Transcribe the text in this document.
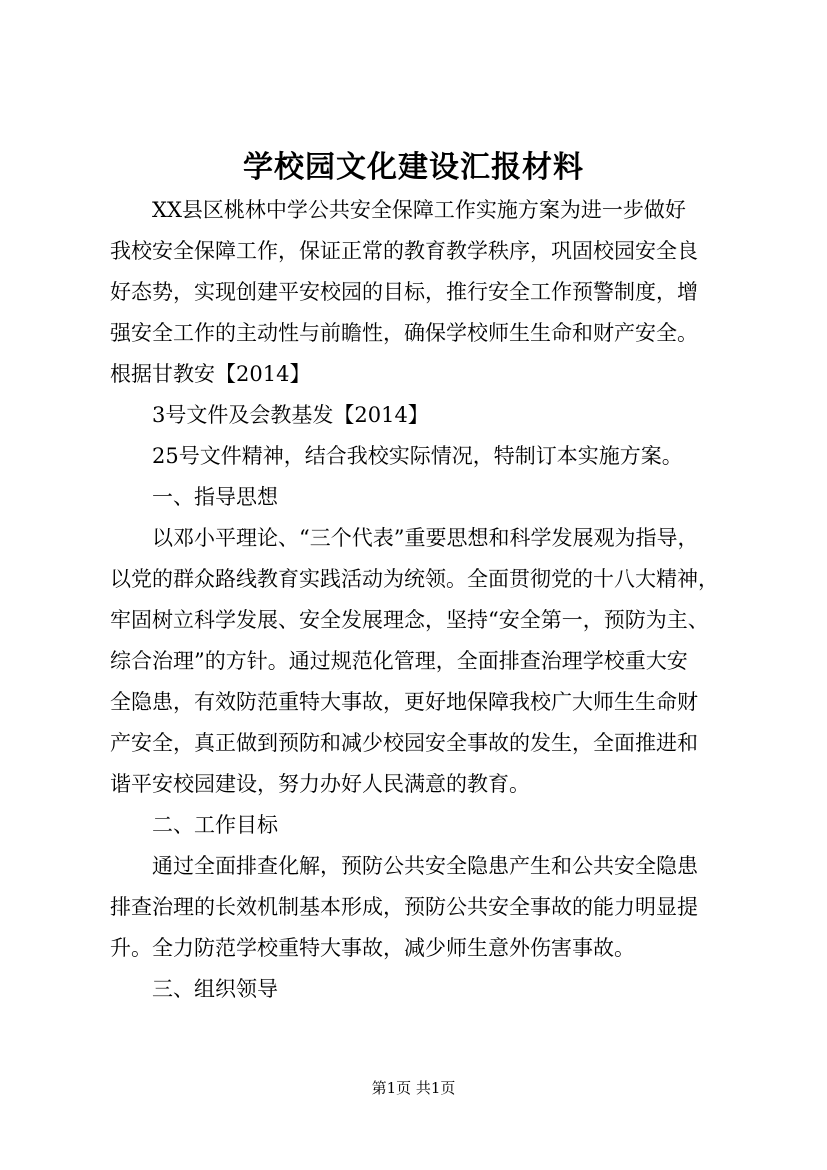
学校园文化建设汇报材料
XX县区桃林中学公共安全保障工作实施方案为进一步做好
我校安全保障工作，保证正常的教育教学秩序，巩固校园安全良
好态势，实现创建平安校园的目标，推行安全工作预警制度，增
强安全工作的主动性与前瞻性，确保学校师生生命和财产安全。
根据甘教安【2014】
3号文件及会教基发【2014】
25号文件精神，结合我校实际情况，特制订本实施方案。
一、指导思想
以邓小平理论、“三个代表”重要思想和科学发展观为指导，
以党的群众路线教育实践活动为统领。全面贯彻党的十八大精神，
牢固树立科学发展、安全发展理念，坚持“安全第一，预防为主、
综合治理”的方针。通过规范化管理，全面排查治理学校重大安
全隐患，有效防范重特大事故，更好地保障我校广大师生生命财
产安全，真正做到预防和减少校园安全事故的发生，全面推进和
谐平安校园建设，努力办好人民满意的教育。
二、工作目标
通过全面排查化解，预防公共安全隐患产生和公共安全隐患
排查治理的长效机制基本形成，预防公共安全事故的能力明显提
升。全力防范学校重特大事故，减少师生意外伤害事故。
三、组织领导
第1页 共1页
